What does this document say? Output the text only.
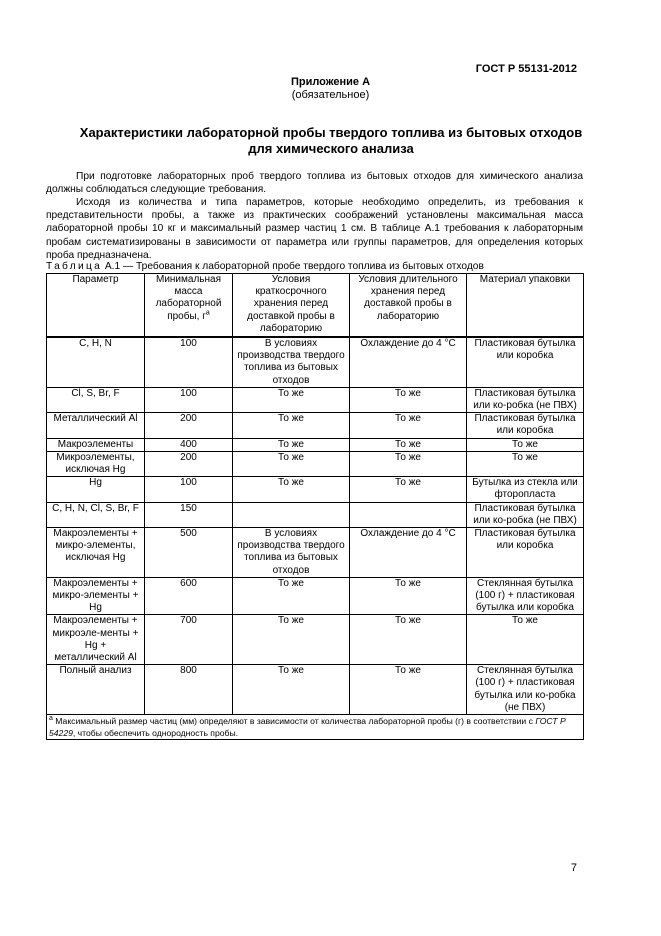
ГОСТ Р 55131-2012
Приложение А
(обязательное)
Характеристики лабораторной пробы твердого топлива из бытовых отходов
для химического анализа

При подготовке лабораторных проб твердого топлива из бытовых отходов для химического анализа должны соблюдаться следующие требования.

Исходя из количества и типа параметров, которые необходимо определить, из требования к представительности пробы, а также из практических соображений установлены максимальная масса лабораторной пробы 10 кг и максимальный размер частиц 1 см. В таблице А.1 требования к лабораторным пробам систематизированы в зависимости от параметра или группы параметров, для определения которых проба предназначена.

Таблица А.1 — Требования к лабораторной пробе твердого топлива из бытовых отходов
Параметр	Минимальная масса лабораторной пробы, $г^a$	Условия краткосрочного хранения перед доставкой пробы в лабораторию	Условия длительного хранения перед доставкой пробы в лабораторию	Материал упаковки
C, H, N	100	В условиях производства твердого топлива из бытовых отходов	Охлаждение до 4 °C	Пластиковая бутылка или коробка
Cl, S, Br, F	100	То же	То же	Пластиковая бутылка или ко-робка (не ПВХ)
Металлический Al	200	То же	То же	Пластиковая бутылка или коробка
Макроэлементы	400	То же	То же	То же
Микроэлементы, исключая Hg	200	То же	То же	То же
Hg	100	То же	То же	Бутылка из стекла или фторопласта
C, H, N, Cl, S, Br, F	150			Пластиковая бутылка или ко-робка (не ПВХ)
Макроэлементы + микро-элементы, исключая Hg	500	В условиях производства твердого топлива из бытовых отходов	Охлаждение до 4 °C	Пластиковая бутылка или коробка
Макроэлементы + микро-элементы + Hg	600	То же	То же	Стеклянная бутылка (100 г) + пластиковая бутылка или коробка
Макроэлементы + микроэле-менты + Hg + металлический Al	700	То же	То же	То же
Полный анализ	800	То же	То же	Стеклянная бутылка (100 г) + пластиковая бутылка или ко-робка (не ПВХ)
$^a$ Максимальный размер частиц (мм) определяют в зависимости от количества лабораторной пробы (г) в соответствии с ГОСТ Р 54229, чтобы обеспечить однородность пробы.				
7
